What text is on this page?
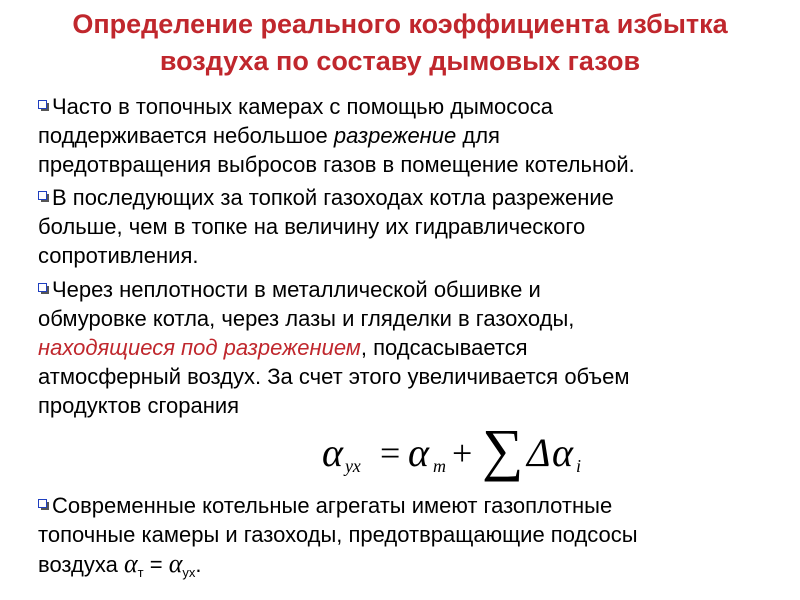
Определение реального коэффициента избытка
воздуха по составу дымовых газов
Часто в топочных камерах с помощью дымососа
поддерживается небольшое разрежение для
предотвращения выбросов газов в помещение котельной.
В последующих за топкой газоходах котла разрежение
больше, чем в топке на величину их гидравлического
сопротивления.
Через неплотности в металлической обшивке и
обмуровке котла, через лазы и гляделки в газоходы,
находящиеся под разрежением, подсасывается
атмосферный воздух. За счет этого увеличивается объем
продуктов сгорания
α ух = α т + ∑ Δ α i
Современные котельные агрегаты имеют газоплотные
топочные камеры и газоходы, предотвращающие подсосы
воздуха $\alpha_т = \alpha_{ух}$.
